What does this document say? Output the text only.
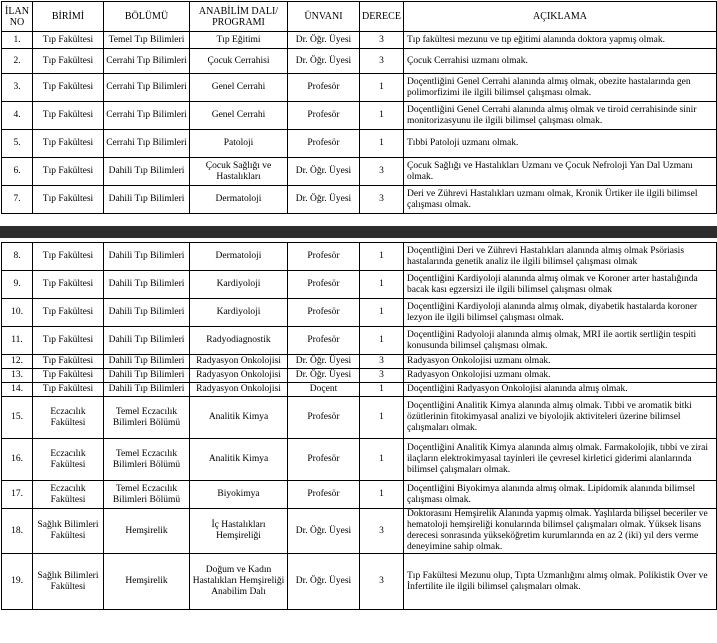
İLAN NO	BİRİMİ	BÖLÜMÜ	ANABİLİM DALI/ PROGRAMI	ÜNVANI	DERECE	AÇIKLAMA
1.	Tıp Fakültesi	Temel Tıp Bilimleri	Tıp Eğitimi	Dr. Öğr. Üyesi	3	Tıp fakültesi mezunu ve tıp eğitimi alanında doktora yapmış olmak.
2.	Tıp Fakültesi	Cerrahi Tıp Bilimleri	Çocuk Cerrahisi	Dr. Öğr. Üyesi	3	Çocuk Cerrahisi uzmanı olmak.
3.	Tıp Fakültesi	Cerrahi Tıp Bilimleri	Genel Cerrahi	Profesör	1	Doçentliğini Genel Cerrahi alanında almış olmak, obezite hastalarında gen polimorfizimi ile ilgili bilimsel çalışması olmak.
4.	Tıp Fakültesi	Cerrahi Tıp Bilimleri	Genel Cerrahi	Profesör	1	Doçentliğini Genel Cerrahi alanında almış olmak ve tiroid cerrahisinde sinir monitorizasyunu ile ilgili bilimsel çalışması olmak.
5.	Tıp Fakültesi	Cerrahi Tıp Bilimleri	Patoloji	Profesör	1	Tıbbi Patoloji uzmanı olmak.
6.	Tıp Fakültesi	Dahili Tıp Bilimleri	Çocuk Sağlığı ve Hastalıkları	Dr. Öğr. Üyesi	3	Çocuk Sağlığı ve Hastalıkları Uzmanı ve Çocuk Nefroloji Yan Dal Uzmanı olmak.
7.	Tıp Fakültesi	Dahili Tıp Bilimleri	Dermatoloji	Dr. Öğr. Üyesi	3	Deri ve Zührevi Hastalıkları uzmanı olmak, Kronik Ürtiker ile ilgili bilimsel çalışması olmak.
8.	Tıp Fakültesi	Dahili Tıp Bilimleri	Dermatoloji	Profesör	1	Doçentliğini Deri ve Zührevi Hastalıkları alanında almış olmak Psöriasis hastalarında genetik analiz ile ilgili bilimsel çalışması olmak
9.	Tıp Fakültesi	Dahili Tıp Bilimleri	Kardiyoloji	Profesör	1	Doçentliğini Kardiyoloji alanında almış olmak ve Koroner arter hastalığında bacak kası egzersizi ile ilgili bilimsel çalışması olmak
10.	Tıp Fakültesi	Dahili Tıp Bilimleri	Kardiyoloji	Profesör	1	Doçentliğini Kardiyoloji alanında almış olmak, diyabetik hastalarda koroner lezyon ile ilgili bilimsel çalışması olmak.
11.	Tıp Fakültesi	Dahili Tıp Bilimleri	Radyodiagnostik	Profesör	1	Doçentliğini Radyoloji alanında almış olmak, MRI ile aortik sertliğin tespiti konusunda bilimsel çalışması olmak.
12.	Tıp Fakültesi	Dahili Tıp Bilimleri	Radyasyon Onkolojisi	Dr. Öğr. Üyesi	3	Radyasyon Onkolojisi uzmanı olmak.
13.	Tıp Fakültesi	Dahili Tıp Bilimleri	Radyasyon Onkolojisi	Dr. Öğr. Üyesi	3	Radyasyon Onkolojisi uzmanı olmak.
14.	Tıp Fakültesi	Dahili Tıp Bilimleri	Radyasyon Onkolojisi	Doçent	1	Doçentliğini Radyasyon Onkolojisi alanında almış olmak.
15.	Eczacılık Fakültesi	Temel Eczacılık Bilimleri Bölümü	Analitik Kimya	Profesör	1	Doçentliğini Analitik Kimya alanında almış olmak. Tıbbi ve aromatik bitki özütlerinin fitokimyasal analizi ve biyolojik aktiviteleri üzerine bilimsel çalışmaları olmak.
16.	Eczacılık Fakültesi	Temel Eczacılık Bilimleri Bölümü	Analitik Kimya	Profesör	1	Doçentliğini Analitik Kimya alanında almış olmak. Farmakolojik, tıbbi ve zirai ilaçların elektrokimyasal tayinleri ile çevresel kirletici giderimi alanlarında bilimsel çalışmaları olmak.
17.	Eczacılık Fakültesi	Temel Eczacılık Bilimleri Bölümü	Biyokimya	Profesör	1	Doçentliğini Biyokimya alanında almış olmak. Lipidomik alanında bilimsel çalışması olmak.
18.	Sağlık Bilimleri Fakültesi	Hemşirelik	İç Hastalıkları Hemşireliği	Dr. Öğr. Üyesi	3	Doktorasını Hemşirelik Alanında yapmış olmak. Yaşlılarda bilişsel beceriler ve hematoloji hemşireliği konularında bilimsel çalışmaları olmak. Yüksek lisans derecesi sonrasında yükseköğretim kurumlarında en az 2 (iki) yıl ders verme deneyimine sahip olmak.
19.	Sağlık Bilimleri Fakültesi	Hemşirelik	Doğum ve Kadın Hastalıkları Hemşireliği Anabilim Dalı	Dr. Öğr. Üyesi	3	Tıp Fakültesi Mezunu olup, Tıpta Uzmanlığını almış olmak. Polikistik Over ve İnfertilite ile ilgili bilimsel çalışmaları olmak.
